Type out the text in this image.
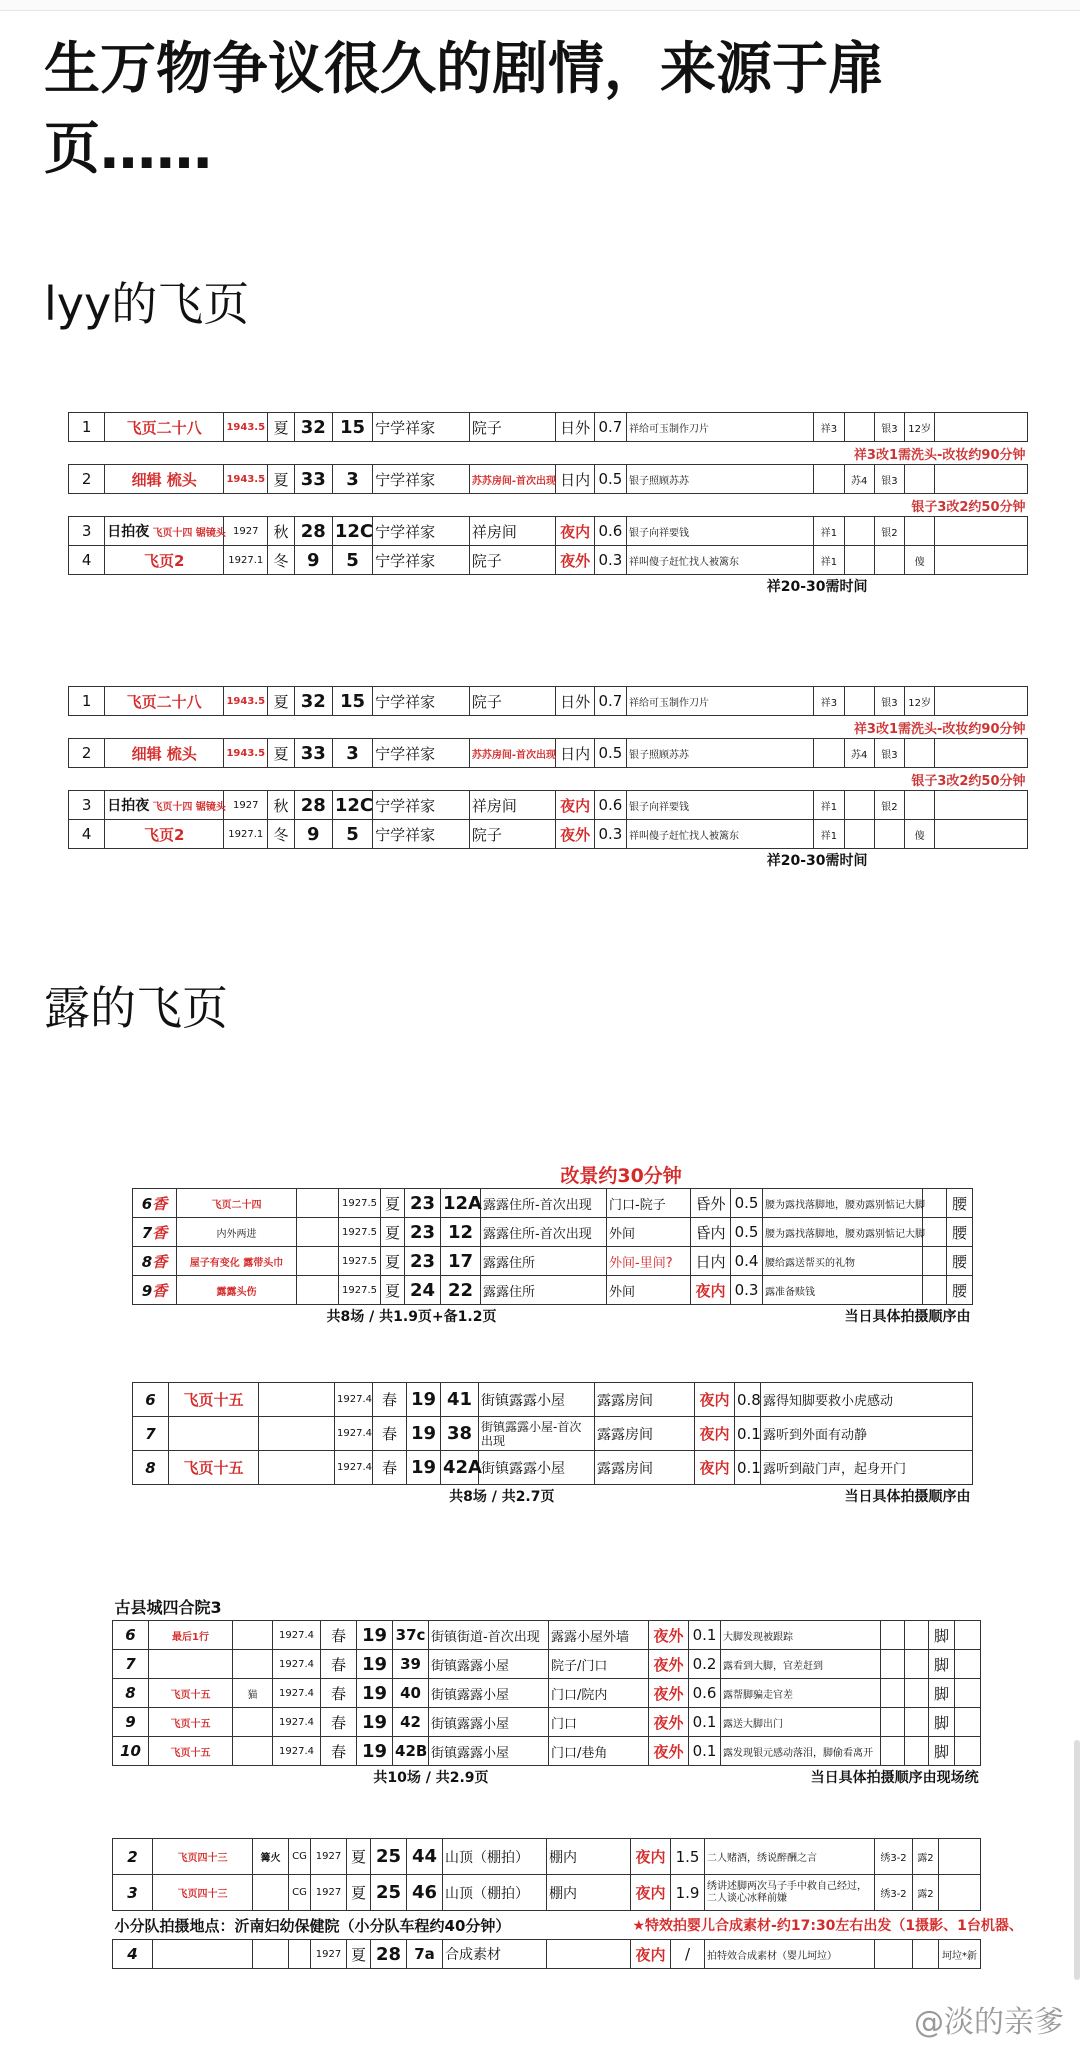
生万物争议很久的剧情，来源于扉页……
lyy的飞页
1	飞页二十八	1943.5	夏	32	15	宁学祥家	院子	日外	0.7	祥给可玉制作刀片	祥3		银3	12岁	
祥3改1需洗头-改妆约90分钟															
2	细辑 梳头	1943.5	夏	33	3	宁学祥家	苏苏房间-首次出现	日内	0.5	银子照顾苏苏		苏4	银3		
银子3改2约50分钟															
3	日拍夜 飞页十四 锯镜头	1927	秋	28	12C	宁学祥家	祥房间	夜内	0.6	银子向祥要钱	祥1		银2		
4	飞页2	1927.1	冬	9	5	宁学祥家	院子	夜外	0.3	祥叫傻子赶忙找人被篱东	祥1			傻	
祥20-30需时间															
1	飞页二十八	1943.5	夏	32	15	宁学祥家	院子	日外	0.7	祥给可玉制作刀片	祥3		银3	12岁	
祥3改1需洗头-改妆约90分钟															
2	细辑 梳头	1943.5	夏	33	3	宁学祥家	苏苏房间-首次出现	日内	0.5	银子照顾苏苏		苏4	银3		
银子3改2约50分钟															
3	日拍夜 飞页十四 锯镜头	1927	秋	28	12C	宁学祥家	祥房间	夜内	0.6	银子向祥要钱	祥1		银2		
4	飞页2	1927.1	冬	9	5	宁学祥家	院子	夜外	0.3	祥叫傻子赶忙找人被篱东	祥1			傻	
祥20-30需时间															
露的飞页
	改景约30分钟	
6香	飞页二十四		1927.5	夏	23	12A	露露住所-首次出现	门口-院子	昏外	0.5	腰为露找落脚地，腰劝露别惦记大脚		腰
7香	内外两进		1927.5	夏	23	12	露露住所-首次出现	外间	昏内	0.5	腰为露找落脚地，腰劝露别惦记大脚		腰
8香	屋子有变化 露带头巾		1927.5	夏	23	17	露露住所	外间-里间?	日内	0.4	腰给露送帮买的礼物		腰
9香	露露头伤		1927.5	夏	24	22	露露住所	外间	夜内	0.3	露准备赎钱		腰
共8场 / 共1.9页+备1.2页									当日具体拍摄顺序由				
6	飞页十五		1927.4	春	19	41	街镇露露小屋	露露房间	夜内	0.8	露得知脚要救小虎感动
7			1927.4	春	19	38	街镇露露小屋-首次出现	露露房间	夜内	0.1	露听到外面有动静
8	飞页十五		1927.4	春	19	42A	街镇露露小屋	露露房间	夜内	0.1	露听到敲门声，起身开门
共8场 / 共2.7页								当日具体拍摄顺序由			
古县城四合院3															
6	最后1行		1927.4	春	19	37c	街镇街道-首次出现	露露小屋外墙	夜外	0.1	大脚发现被跟踪			脚	
7			1927.4	春	19	39	街镇露露小屋	院子/门口	夜外	0.2	露看到大脚，官差赶到			脚	
8	飞页十五	猫	1927.4	春	19	40	街镇露露小屋	门口/院内	夜外	0.6	露帮脚骗走官差			脚	
9	飞页十五		1927.4	春	19	42	街镇露露小屋	门口	夜外	0.1	露送大脚出门			脚	
10	飞页十五		1927.4	春	19	42B	街镇露露小屋	门口/巷角	夜外	0.1	露发现银元感动落泪，脚偷看离开			脚	
共10场 / 共2.9页								当日具体拍摄顺序由现场统							
2	飞页四十三	篝火	CG	1927	夏	25	44	山顶（棚拍）	棚内	夜内	1.5	二人赌酒，绣说醉酬之言	绣3-2	露2	
3	飞页四十三		CG	1927	夏	25	46	山顶（棚拍）	棚内	夜内	1.9	绣讲述脚两次马子手中救自己经过，二人谈心冰释前嫌	绣3-2	露2	
小分队拍摄地点：沂南妇幼保健院（小分队车程约40分钟）										★特效拍婴儿合成素材-约17:30左右出发（1摄影、1台机器、					
4				1927	夏	28	7a	合成素材		夜内	/	拍特效合成素材（婴儿坷垃）			坷垃*新
@淡的亲爹
